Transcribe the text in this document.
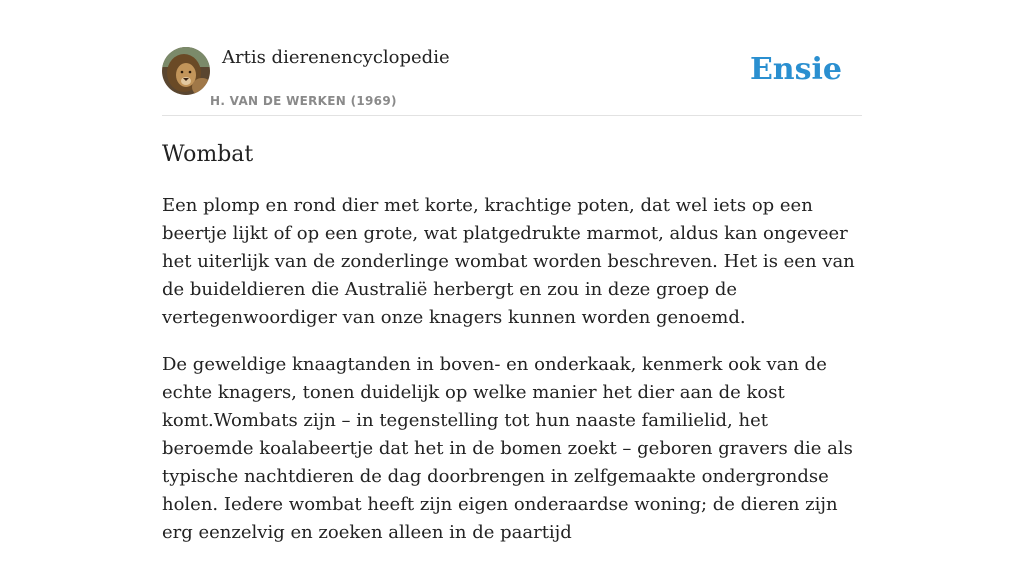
Artis dierenencyclopedie
H. VAN DE WERKEN (1969)
Ensie
Wombat

Een plomp en rond dier met korte, krachtige poten, dat wel iets op een beertje lijkt of op een grote, wat platgedrukte marmot, aldus kan ongeveer het uiterlijk van de zonderlinge wombat worden beschreven. Het is een van de buideldieren die Australië herbergt en zou in deze groep de vertegenwoordiger van onze knagers kunnen worden genoemd.

De geweldige knaagtanden in boven- en onderkaak, kenmerk ook van de echte knagers, tonen duidelijk op welke manier het dier aan de kost komt.Wombats zijn – in tegenstelling tot hun naaste familielid, het beroemde koalabeertje dat het in de bomen zoekt – geboren gravers die als typische nachtdieren de dag doorbrengen in zelfgemaakte ondergrondse holen. Iedere wombat heeft zijn eigen onderaardse woning; de dieren zijn erg eenzelvig en zoeken alleen in de paartijd
